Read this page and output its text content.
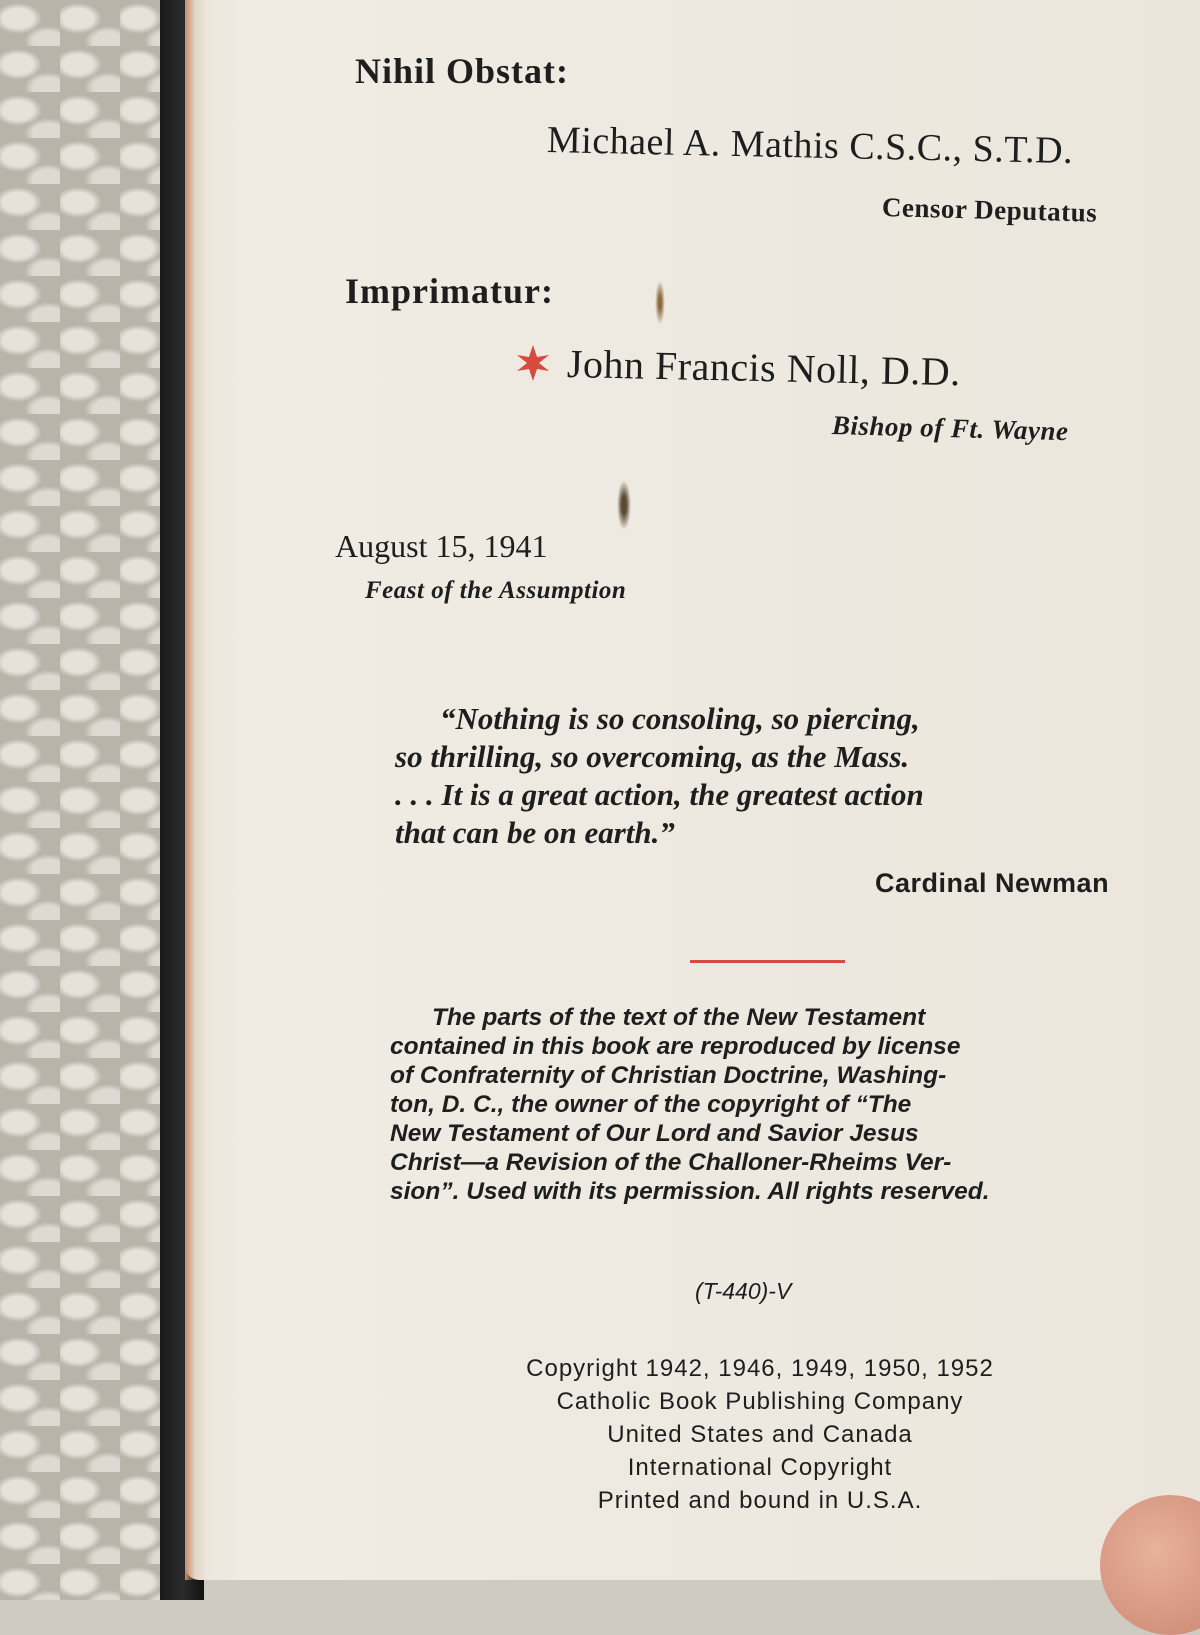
Nihil Obstat:
Michael A. Mathis C.S.C., S.T.D.
Censor Deputatus
Imprimatur:
John Francis Noll, D.D.
Bishop of Ft. Wayne
August 15, 1941
Feast of the Assumption
“Nothing is so consoling, so piercing,
so thrilling, so overcoming, as the Mass.
. . . It is a great action, the greatest action
that can be on earth.”
Cardinal Newman
The parts of the text of the New Testament
contained in this book are reproduced by license
of Confraternity of Christian Doctrine, Washing-
ton, D. C., the owner of the copyright of “The
New Testament of Our Lord and Savior Jesus
Christ—a Revision of the Challoner-Rheims Ver-
sion”. Used with its permission. All rights reserved.
(T-440)-V
Copyright 1942, 1946, 1949, 1950, 1952
Catholic Book Publishing Company
United States and Canada
International Copyright
Printed and bound in U.S.A.
